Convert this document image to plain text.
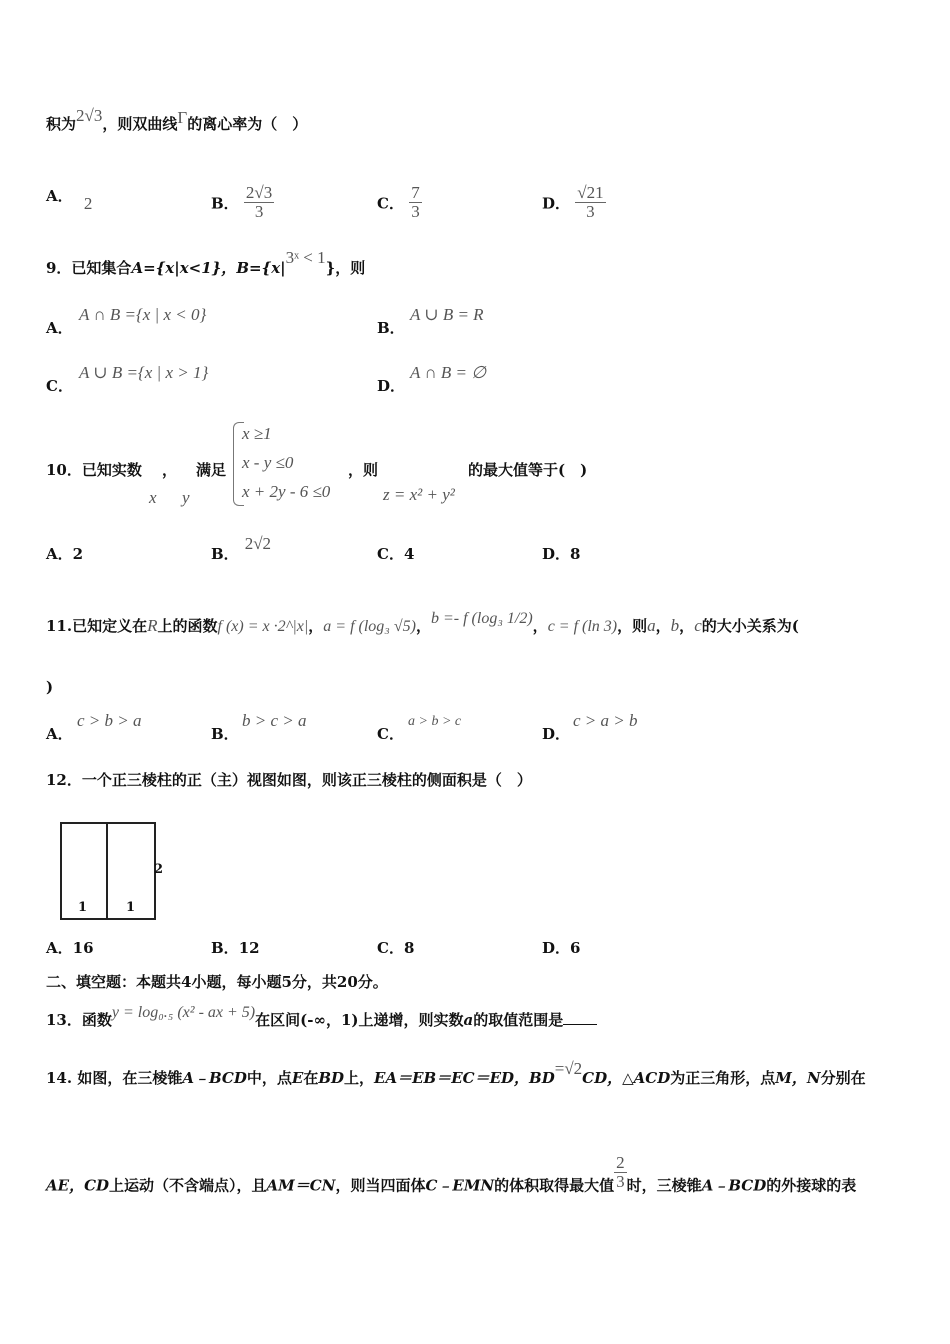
积为2√3，则双曲线Γ的离心率为（　）
A． 2	B． $\frac{2√3}{3}$	C． $\frac{7}{3}$	D． $\frac{√21}{3}$
9．已知集合A={x|x<1}，B={x|3ˣ < 1}，则
A．
A ∩ B ={x | x < 0}
B．
A ∪ B = R
C．
A ∪ B ={x | x > 1}
D．
A ∩ B = ∅
10．已知实数 ， 满足
x y
x ≥1
x - y ≤0
x + 2y - 6 ≤0
，则
z = x² + y²
的最大值等于(　)
A．2	B．2√2
C．4	D．8
11.已知定义在R上的函数f (x) = x ·2^|x|，a = f (log₃ √5)，b =- f (log₃ 1/2)，c = f (ln 3)，则a，b，c的大小关系为(
)
A．
c > b > a
B．
b > c > a
C．
a > b > c
D．
c > a > b
12．一个正三棱柱的正（主）视图如图，则该正三棱柱的侧面积是（　）
1	1
2
A．16	B．12	C．8	D．6
二、填空题：本题共4小题，每小题5分，共20分。
13．函数y = log₀.₅ (x² - ax + 5)在区间(-∞，1)上递增，则实数a的取值范围是
14. 如图，在三棱锥A﹣BCD中，点E在BD上，EA＝EB＝EC＝ED，BD=√2CD，△ACD为正三角形，点M，N分别在
AE，CD上运动（不含端点），且AM＝CN，则当四面体C﹣EMN的体积取得最大值 $\frac{2}{3}$ 时，三棱锥A﹣BCD的外接球的表
